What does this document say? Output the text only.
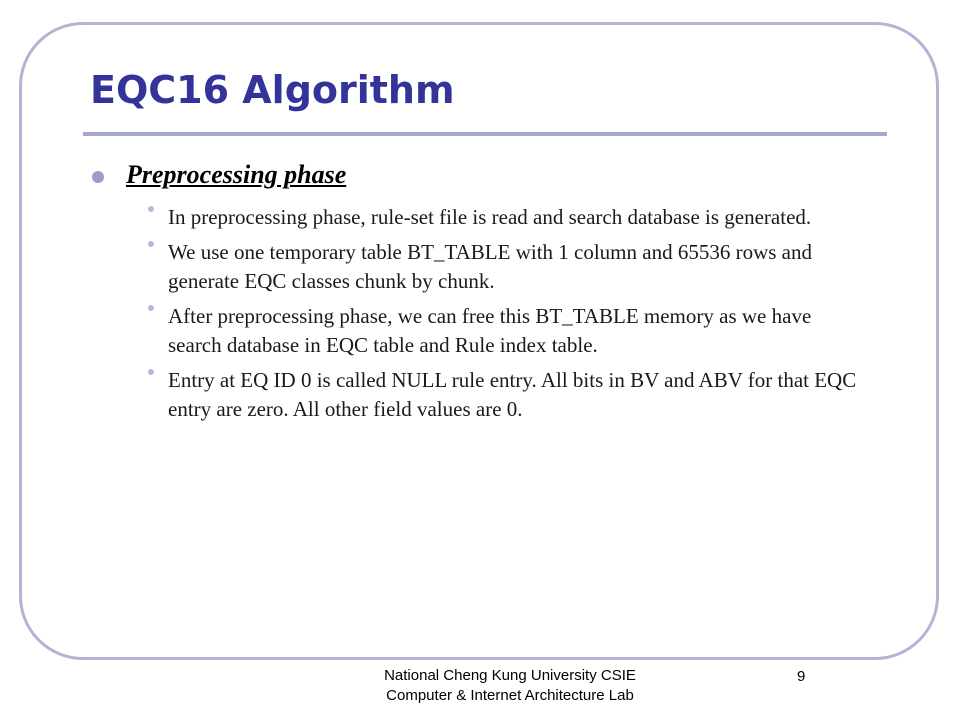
EQC16 Algorithm
Preprocessing phase
In preprocessing phase, rule-set file is read and search database is generated.
We use one temporary table BT_TABLE with 1 column and 65536 rows and generate EQC classes chunk by chunk.
After preprocessing phase, we can free this BT_TABLE memory as we have search database in EQC table and Rule index table.
Entry at EQ ID 0 is called NULL rule entry. All bits in BV and ABV for that EQC entry are zero. All other field values are 0.
National Cheng Kung University CSIE
Computer & Internet Architecture Lab
9
